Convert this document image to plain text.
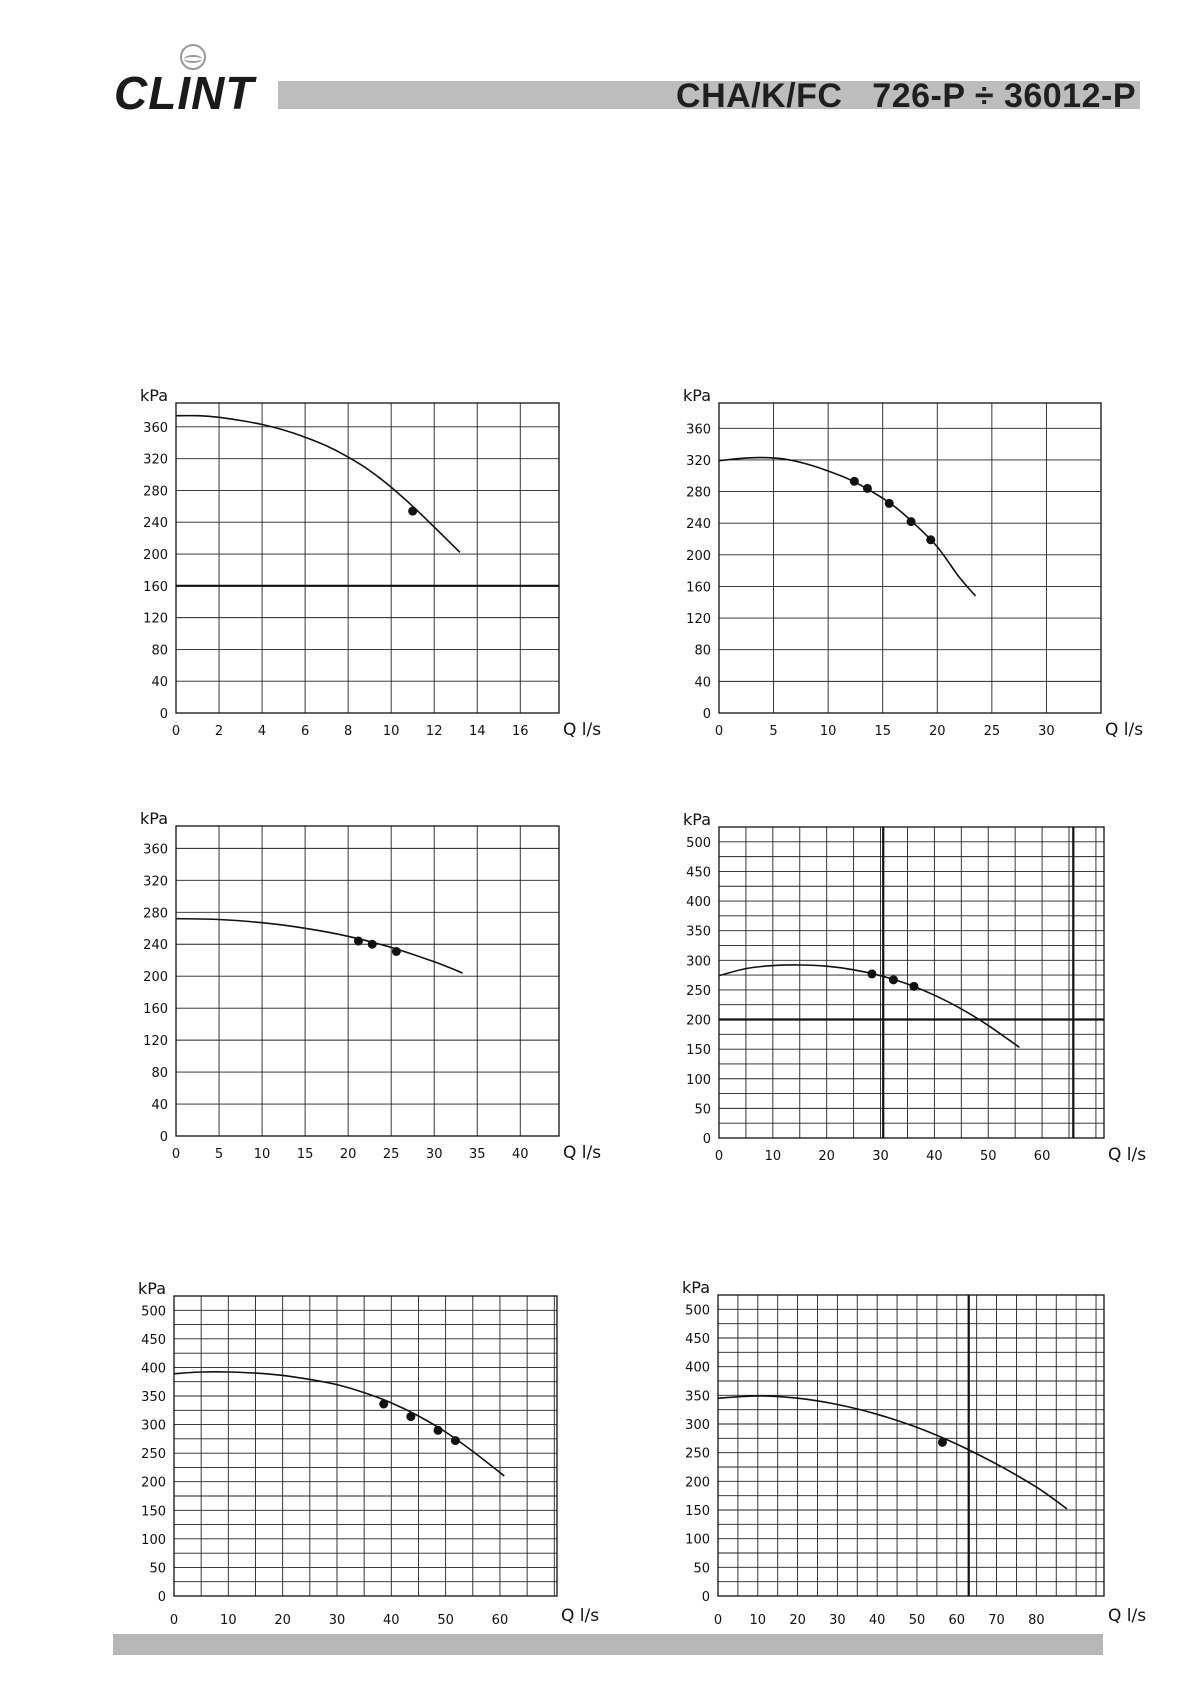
CLINT	CHA/K/FC   726-P ÷ 36012-P
0
40
80
120
160
200
240
280
320
360
0	2	4	6	8 10 12 14 16
kPa
Q l/s
0
40
80
120
160
200
240
280
320
360
0	5	10	15	20	25	30
kPa
Q l/s
0
40
80
120
160
200
240
280
320
360
0	5 10 15 20 25 30 35 40
kPa
Q l/s
0
50
100
150
200
250
300
350
400
450
500
0	10	20	30	40	50	60
kPa
Q l/s
0
50
100
150
200
250
300
350
400
450
500
0	10	20	30	40	50	60
kPa
Q l/s
0
50
100
150
200
250
300
350
400
450
500
0 10 20 30 40 50 60 70 80
kPa
Q l/s
